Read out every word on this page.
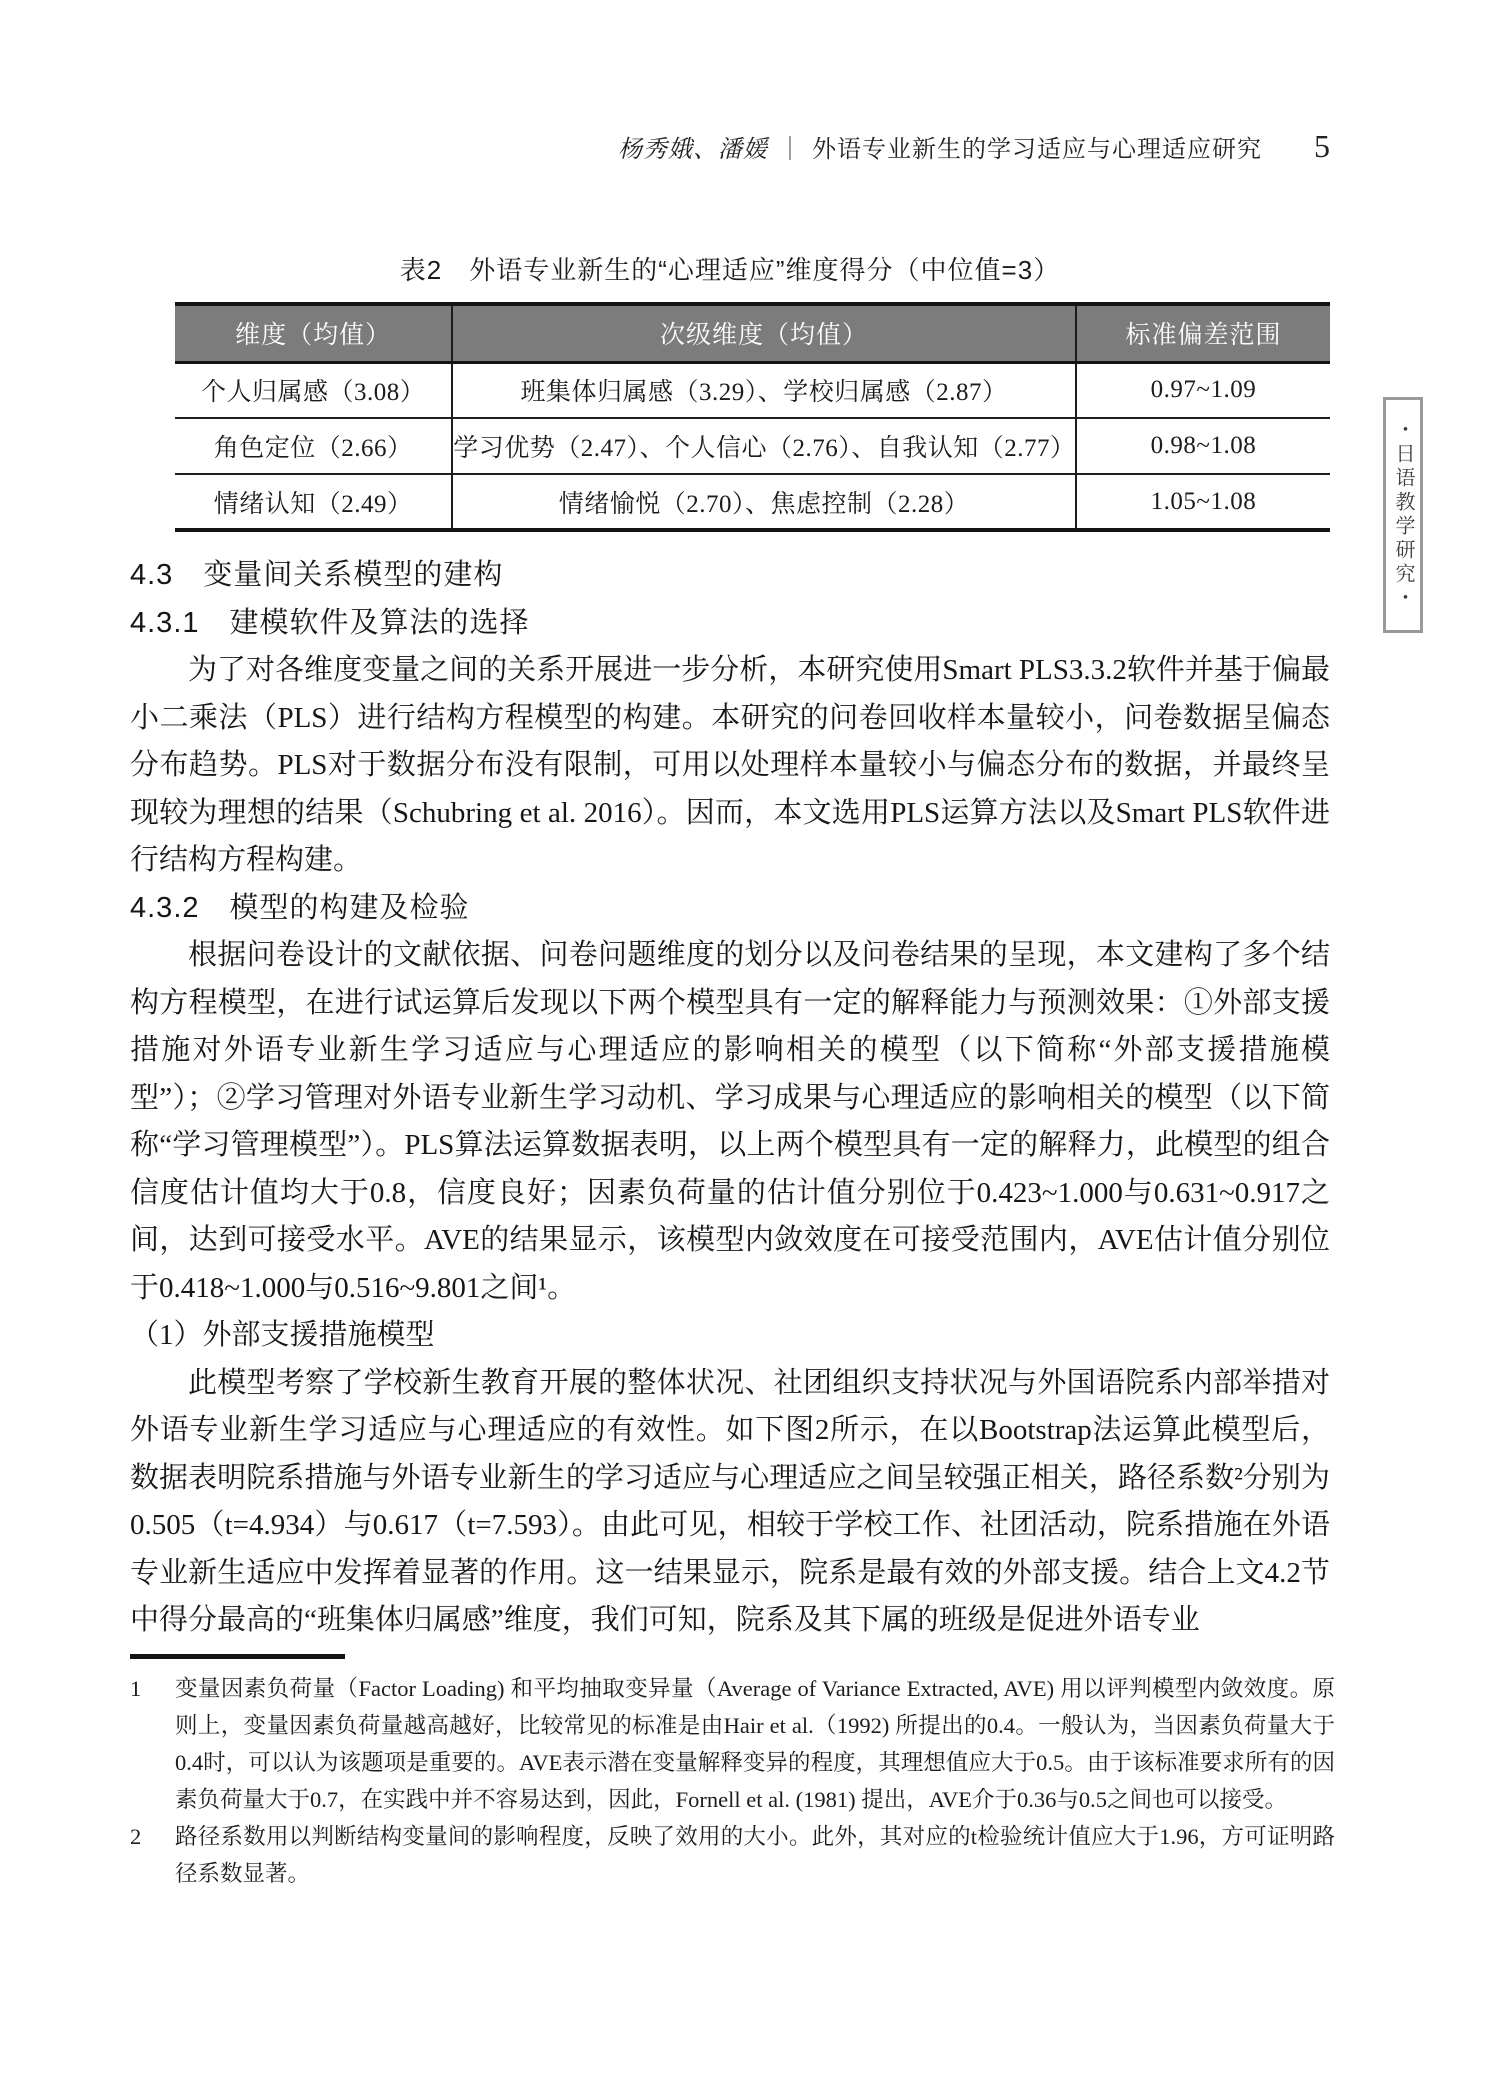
杨秀娥、潘媛 ｜ 外语专业新生的学习适应与心理适应研究 5
・日语教学研究・
表2　外语专业新生的“心理适应”维度得分（中位值=3）
维度（均值）	次级维度（均值）	标准偏差范围
个人归属感（3.08）	班集体归属感（3.29）、学校归属感（2.87）	0.97~1.09
角色定位（2.66）	学习优势（2.47）、个人信心（2.76）、自我认知（2.77）	0.98~1.08
情绪认知（2.49）	情绪愉悦（2.70）、焦虑控制（2.28）	1.05~1.08
4.3　变量间关系模型的建构
4.3.1　建模软件及算法的选择

为了对各维度变量之间的关系开展进一步分析，本研究使用Smart PLS3.3.2软件并基于偏最小二乘法（PLS）进行结构方程模型的构建。本研究的问卷回收样本量较小，问卷数据呈偏态分布趋势。PLS对于数据分布没有限制，可用以处理样本量较小与偏态分布的数据，并最终呈现较为理想的结果（Schubring et al. 2016）。因而，本文选用PLS运算方法以及Smart PLS软件进行结构方程构建。

4.3.2　模型的构建及检验

根据问卷设计的文献依据、问卷问题维度的划分以及问卷结果的呈现，本文建构了多个结构方程模型，在进行试运算后发现以下两个模型具有一定的解释能力与预测效果：①外部支援措施对外语专业新生学习适应与心理适应的影响相关的模型（以下简称“外部支援措施模型”）；②学习管理对外语专业新生学习动机、学习成果与心理适应的影响相关的模型（以下简称“学习管理模型”）。PLS算法运算数据表明，以上两个模型具有一定的解释力，此模型的组合信度估计值均大于0.8，信度良好；因素负荷量的估计值分别位于0.423~1.000与0.631~0.917之间，达到可接受水平。AVE的结果显示，该模型内敛效度在可接受范围内，AVE估计值分别位于0.418~1.000与0.516~9.801之间¹。

（1）外部支援措施模型

此模型考察了学校新生教育开展的整体状况、社团组织支持状况与外国语院系内部举措对外语专业新生学习适应与心理适应的有效性。如下图2所示，在以Bootstrap法运算此模型后，数据表明院系措施与外语专业新生的学习适应与心理适应之间呈较强正相关，路径系数²分别为0.505（t=4.934）与0.617（t=7.593）。由此可见，相较于学校工作、社团活动，院系措施在外语专业新生适应中发挥着显著的作用。这一结果显示，院系是最有效的外部支援。结合上文4.2节中得分最高的“班集体归属感”维度，我们可知，院系及其下属的班级是促进外语专业

1	变量因素负荷量（Factor Loading) 和平均抽取变异量（Average of Variance Extracted, AVE) 用以评判模型内敛效度。原则上，变量因素负荷量越高越好，比较常见的标准是由Hair et al.（1992) 所提出的0.4。一般认为，当因素负荷量大于0.4时，可以认为该题项是重要的。AVE表示潜在变量解释变异的程度，其理想值应大于0.5。由于该标准要求所有的因素负荷量大于0.7，在实践中并不容易达到，因此，Fornell et al. (1981) 提出，AVE介于0.36与0.5之间也可以接受。
2	路径系数用以判断结构变量间的影响程度，反映了效用的大小。此外，其对应的t检验统计值应大于1.96，方可证明路径系数显著。
